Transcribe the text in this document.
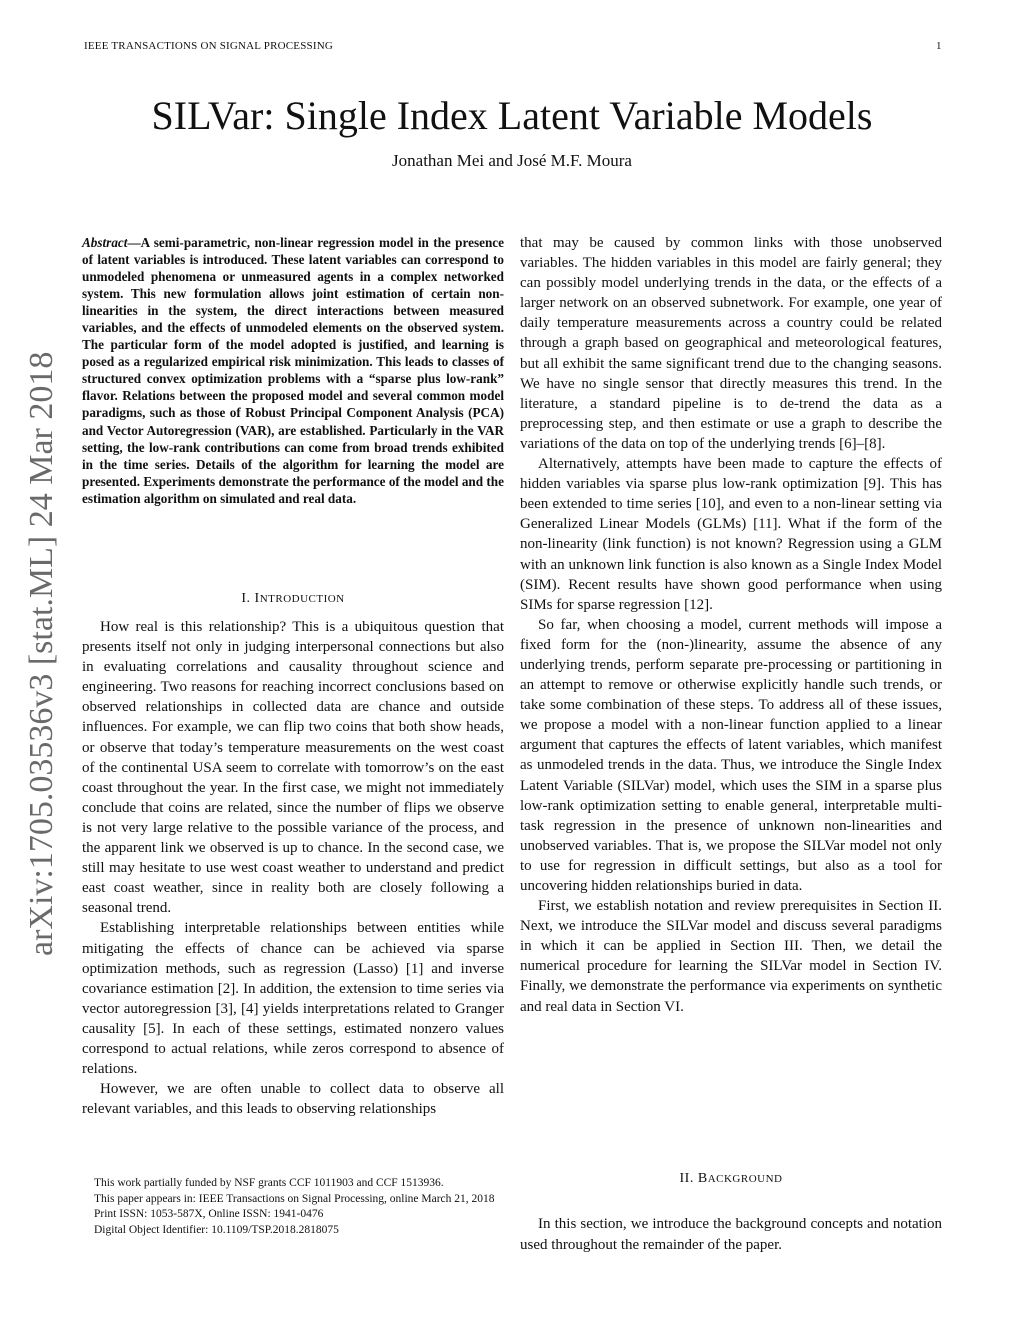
IEEE TRANSACTIONS ON SIGNAL PROCESSING	1
arXiv:1705.03536v3 [stat.ML] 24 Mar 2018
SILVar: Single Index Latent Variable Models
Jonathan Mei and José M.F. Moura
Abstract—A semi-parametric, non-linear regression model in the presence of latent variables is introduced. These latent variables can correspond to unmodeled phenomena or unmeasured agents in a complex networked system. This new formulation allows joint estimation of certain non-linearities in the system, the direct interactions between measured variables, and the effects of unmodeled elements on the observed system. The particular form of the model adopted is justified, and learning is posed as a regularized empirical risk minimization. This leads to classes of structured convex optimization problems with a “sparse plus low-rank” flavor. Relations between the proposed model and several common model paradigms, such as those of Robust Principal Component Analysis (PCA) and Vector Autoregression (VAR), are established. Particularly in the VAR setting, the low-rank contributions can come from broad trends exhibited in the time series. Details of the algorithm for learning the model are presented. Experiments demonstrate the performance of the model and the estimation algorithm on simulated and real data.
I. INTRODUCTION

How real is this relationship? This is a ubiquitous question that presents itself not only in judging interpersonal connections but also in evaluating correlations and causality throughout science and engineering. Two reasons for reaching incorrect conclusions based on observed relationships in collected data are chance and outside influences. For example, we can flip two coins that both show heads, or observe that today’s temperature measurements on the west coast of the continental USA seem to correlate with tomorrow’s on the east coast throughout the year. In the first case, we might not immediately conclude that coins are related, since the number of flips we observe is not very large relative to the possible variance of the process, and the apparent link we observed is up to chance. In the second case, we still may hesitate to use west coast weather to understand and predict east coast weather, since in reality both are closely following a seasonal trend.

Establishing interpretable relationships between entities while mitigating the effects of chance can be achieved via sparse optimization methods, such as regression (Lasso) [1] and inverse covariance estimation [2]. In addition, the extension to time series via vector autoregression [3], [4] yields interpretations related to Granger causality [5]. In each of these settings, estimated nonzero values correspond to actual relations, while zeros correspond to absence of relations.

However, we are often unable to collect data to observe all relevant variables, and this leads to observing relationships

that may be caused by common links with those unobserved variables. The hidden variables in this model are fairly general; they can possibly model underlying trends in the data, or the effects of a larger network on an observed subnetwork. For example, one year of daily temperature measurements across a country could be related through a graph based on geographical and meteorological features, but all exhibit the same significant trend due to the changing seasons. We have no single sensor that directly measures this trend. In the literature, a standard pipeline is to de-trend the data as a preprocessing step, and then estimate or use a graph to describe the variations of the data on top of the underlying trends [6]–[8].

Alternatively, attempts have been made to capture the effects of hidden variables via sparse plus low-rank optimization [9]. This has been extended to time series [10], and even to a non-linear setting via Generalized Linear Models (GLMs) [11]. What if the form of the non-linearity (link function) is not known? Regression using a GLM with an unknown link function is also known as a Single Index Model (SIM). Recent results have shown good performance when using SIMs for sparse regression [12].

So far, when choosing a model, current methods will impose a fixed form for the (non-)linearity, assume the absence of any underlying trends, perform separate pre-processing or partitioning in an attempt to remove or otherwise explicitly handle such trends, or take some combination of these steps. To address all of these issues, we propose a model with a non-linear function applied to a linear argument that captures the effects of latent variables, which manifest as unmodeled trends in the data. Thus, we introduce the Single Index Latent Variable (SILVar) model, which uses the SIM in a sparse plus low-rank optimization setting to enable general, interpretable multi-task regression in the presence of unknown non-linearities and unobserved variables. That is, we propose the SILVar model not only to use for regression in difficult settings, but also as a tool for uncovering hidden relationships buried in data.

First, we establish notation and review prerequisites in Section II. Next, we introduce the SILVar model and discuss several paradigms in which it can be applied in Section III. Then, we detail the numerical procedure for learning the SILVar model in Section IV. Finally, we demonstrate the performance via experiments on synthetic and real data in Section VI.

II. BACKGROUND
In this section, we introduce the background concepts and notation used throughout the remainder of the paper.
This work partially funded by NSF grants CCF 1011903 and CCF 1513936.
This paper appears in: IEEE Transactions on Signal Processing, online March 21, 2018
Print ISSN: 1053-587X, Online ISSN: 1941-0476
Digital Object Identifier: 10.1109/TSP.2018.2818075
